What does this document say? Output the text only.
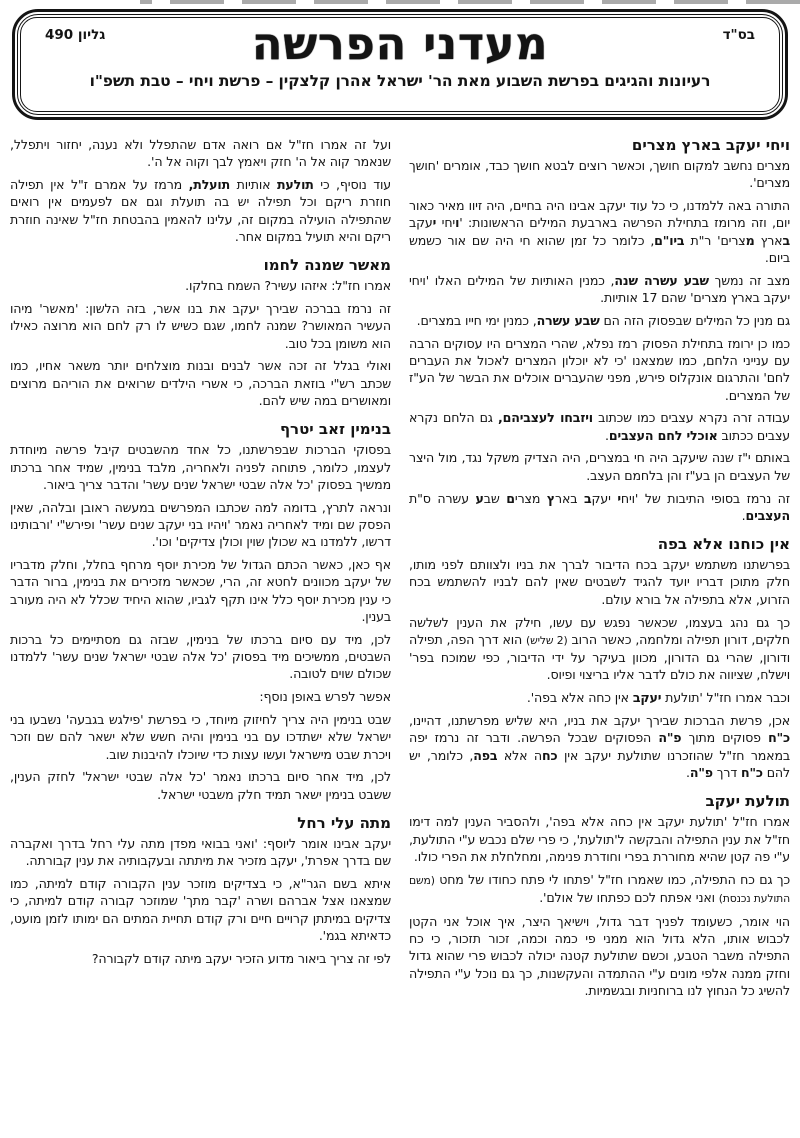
בס"ד
גליון 490	מעדני הפרשה
רעיונות והגיגים בפרשת השבוע מאת הר' ישראל אהרן קלצקין – פרשת ויחי – טבת תשפ"ו
ויחי יעקב בארץ מצרים

מצרים נחשב למקום חושך, וכאשר רוצים לבטא חושך כבד, אומרים 'חושך מצרים'.

התורה באה ללמדנו, כי כל עוד יעקב אבינו היה בחיים, היה זיוו מאיר כאור יום, וזה מרומז בתחילת הפרשה בארבעת המילים הראשונות: 'ויחי יעקב בארץ מצרים' ר"ת ביו"ם, כלומר כל זמן שהוא חי היה שם אור כשמש ביום.

מצב זה נמשך שבע עשרה שנה, כמנין האותיות של המילים האלו 'ויחי יעקב בארץ מצרים' שהם 17 אותיות.

גם מנין כל המילים שבפסוק הזה הם שבע עשרה, כמנין ימי חייו במצרים.

כמו כן ירומז בתחילת הפסוק רמז נפלא, שהרי המצרים היו עסוקים הרבה עם ענייני הלחם, כמו שמצאנו 'כי לא יוכלון המצרים לאכול את העברים לחם' והתרגום אונקלוס פירש, מפני שהעברים אוכלים את הבשר של הע"ז של המצרים.

עבודה זרה נקרא עצבים כמו שכתוב ויזבחו לעצביהם, גם הלחם נקרא עצבים ככתוב אוכלי לחם העצבים.

באותם י"ז שנה שיעקב היה חי במצרים, היה הצדיק משקל נגד, מול היצר של העצבים הן בע"ז והן בלחמם העצב.

זה נרמז בסופי התיבות של 'ויחי יעקב בארץ מצרים שבע עשרה ס"ת העצבים.

אין כוחנו אלא בפה

בפרשתנו משתמש יעקב בכח הדיבור לברך את בניו ולצוותם לפני מותו, חלק מתוכן דבריו יועד להגיד לשבטים שאין להם לבניו להשתמש בכח הזרוע, אלא בתפילה אל בורא עולם.

כך גם נהג בעצמו, שכאשר נפגש עם עשו, חילק את הענין לשלשה חלקים, דורון תפילה ומלחמה, כאשר הרוב (2 שליש) הוא דרך הפה, תפילה ודורון, שהרי גם הדורון, מכוון בעיקר על ידי הדיבור, כפי שמוכח בפר' וישלח, שציווה את כולם לדבר אליו בריצוי ופיוס.

וכבר אמרו חז"ל 'תולעת יעקב אין כחה אלא בפה'.

אכן, פרשת הברכות שבירך יעקב את בניו, היא שליש מפרשתנו, דהיינו, כ"ח פסוקים מתוך פ"ה הפסוקים שבכל הפרשה. ודבר זה נרמז יפה במאמר חז"ל שהוזכרנו שתולעת יעקב אין כחה אלא בפה, כלומר, יש להם כ"ח דרך פ"ה.

תולעת יעקב

אמרו חז"ל 'תולעת יעקב אין כחה אלא בפה', ולהסביר הענין למה דימו חז"ל את ענין התפילה והבקשה ל'תולעת', כי פרי שלם נכבש ע"י התולעת, ע"י פה קטן שהיא מחוררת בפרי וחודרת פנימה, ומחלחלת את הפרי כולו.

כך גם כח התפילה, כמו שאמרו חז"ל 'פתחו לי פתח כחודו של מחט (משם התולעת נכנסת) ואני אפתח לכם כפתחו של אולם'.

הוי אומר, כשעומד לפניך דבר גדול, וישיאך היצר, איך אוכל אני הקטן לכבוש אותו, הלא גדול הוא ממני פי כמה וכמה, זכור תזכור, כי כח התפילה משבר הטבע, וכשם שתולעת קטנה יכולה לכבוש פרי שהוא גדול וחזק ממנה אלפי מונים ע"י ההתמדה והעקשנות, כך גם נוכל ע"י התפילה להשיג כל הנחוץ לנו ברוחניות ובגשמיות.

ועל זה אמרו חז"ל אם רואה אדם שהתפלל ולא נענה, יחזור ויתפלל, שנאמר קוה אל ה' חזק ויאמץ לבך וקוה אל ה'.

עוד נוסיף, כי תולעת אותיות תועלת, מרמז על אמרם ז"ל אין תפילה חוזרת ריקם וכל תפילה יש בה תועלת וגם אם לפעמים אין רואים שהתפילה הועילה במקום זה, עלינו להאמין בהבטחת חז"ל שאינה חוזרת ריקם והיא תועיל במקום אחר.

מאשר שמנה לחמו

אמרו חז"ל: איזהו עשיר? השמח בחלקו.

זה נרמז בברכה שבירך יעקב את בנו אשר, בזה הלשון: 'מאשר' מיהו העשיר המאושר? שמנה לחמו, שגם כשיש לו רק לחם הוא מרוצה כאילו הוא משומן בכל טוב.

ואולי בגלל זה זכה אשר לבנים ובנות מוצלחים יותר משאר אחיו, כמו שכתב רש"י בוזאת הברכה, כי אשרי הילדים שרואים את הוריהם מרוצים ומאושרים במה שיש להם.

בנימין זאב יטרף

בפסוקי הברכות שבפרשתנו, כל אחד מהשבטים קיבל פרשה מיוחדת לעצמו, כלומר, פתוחה לפניה ולאחריה, מלבד בנימין, שמיד אחר ברכתו ממשיך בפסוק 'כל אלה שבטי ישראל שנים עשר' והדבר צריך ביאור.

ונראה לתרץ, בדומה למה שכתבו המפרשים במעשה ראובן ובלהה, שאין הפסק שם ומיד לאחריה נאמר 'ויהיו בני יעקב שנים עשר' ופירש"י 'ורבותינו דרשו, ללמדנו בא שכולן שוין וכולן צדיקים' וכו'.

אף כאן, כאשר הכתם הגדול של מכירת יוסף מרחף בחלל, וחלק מדבריו של יעקב מכוונים לחטא זה, הרי, שכאשר מזכירים את בנימין, ברור הדבר כי ענין מכירת יוסף כלל אינו תקף לגביו, שהוא היחיד שכלל לא היה מעורב בענין.

לכן, מיד עם סיום ברכתו של בנימין, שבזה גם מסתיימים כל ברכות השבטים, ממשיכים מיד בפסוק 'כל אלה שבטי ישראל שנים עשר' ללמדנו שכולם שוים לטובה.

אפשר לפרש באופן נוסף:

שבט בנימין היה צריך לחיזוק מיוחד, כי בפרשת 'פילגש בגבעה' נשבעו בני ישראל שלא ישתדכו עם בני בנימין והיה חשש שלא ישאר להם שם וזכר ויכרת שבט מישראל ועשו עצות כדי שיוכלו להיבנות שוב.

לכן, מיד אחר סיום ברכתו נאמר 'כל אלה שבטי ישראל' לחזק הענין, ששבט בנימין ישאר תמיד חלק משבטי ישראל.

מתה עלי רחל

יעקב אבינו אומר ליוסף: 'ואני בבואי מפדן מתה עלי רחל בדרך ואקברה שם בדרך אפרת', יעקב מזכיר את מיתתה ובעקבותיה את ענין קבורתה.

איתא בשם הגר"א, כי בצדיקים מוזכר ענין הקבורה קודם למיתה, כמו שמצאנו אצל אברהם ושרה 'קבר מתך' שמוזכר קבורה קודם למיתה, כי צדיקים במיתתן קרויים חיים ורק קודם תחיית המתים הם ימותו לזמן מועט, כדאיתא בגמ'.

לפי זה צריך ביאור מדוע הזכיר יעקב מיתה קודם לקבורה?
